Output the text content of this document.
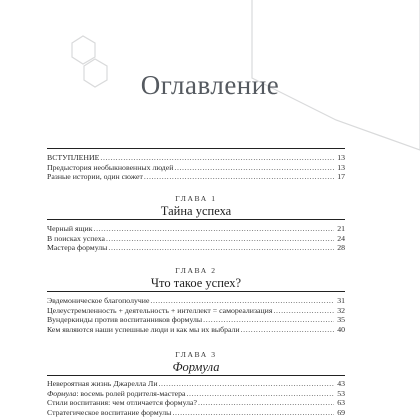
Оглавление
ВСТУПЛЕНИЕ .....	13
Предыстория необыкновенных людей .....	13
Разные истории, один сюжет .....	17
ГЛАВА 1
Тайна успеха
Черный ящик .....	21
В поисках успеха .....	24
Мастера формулы .....	28
ГЛАВА 2
Что такое успех?
Эвдемоническое благополучие .....	31
Целеустремленность + деятельность + интеллект = самореализация .....	32
Вундеркинды против воспитанников формулы .....	35
Кем являются наши успешные люди и как мы их выбрали .....	40
ГЛАВА 3
Формула
Невероятная жизнь Джарелла Ли .....	43
Формула: восемь ролей родителя-мастера .....	53
Стили воспитания: чем отличается формула? .....	63
Стратегическое воспитание формулы .....	69
